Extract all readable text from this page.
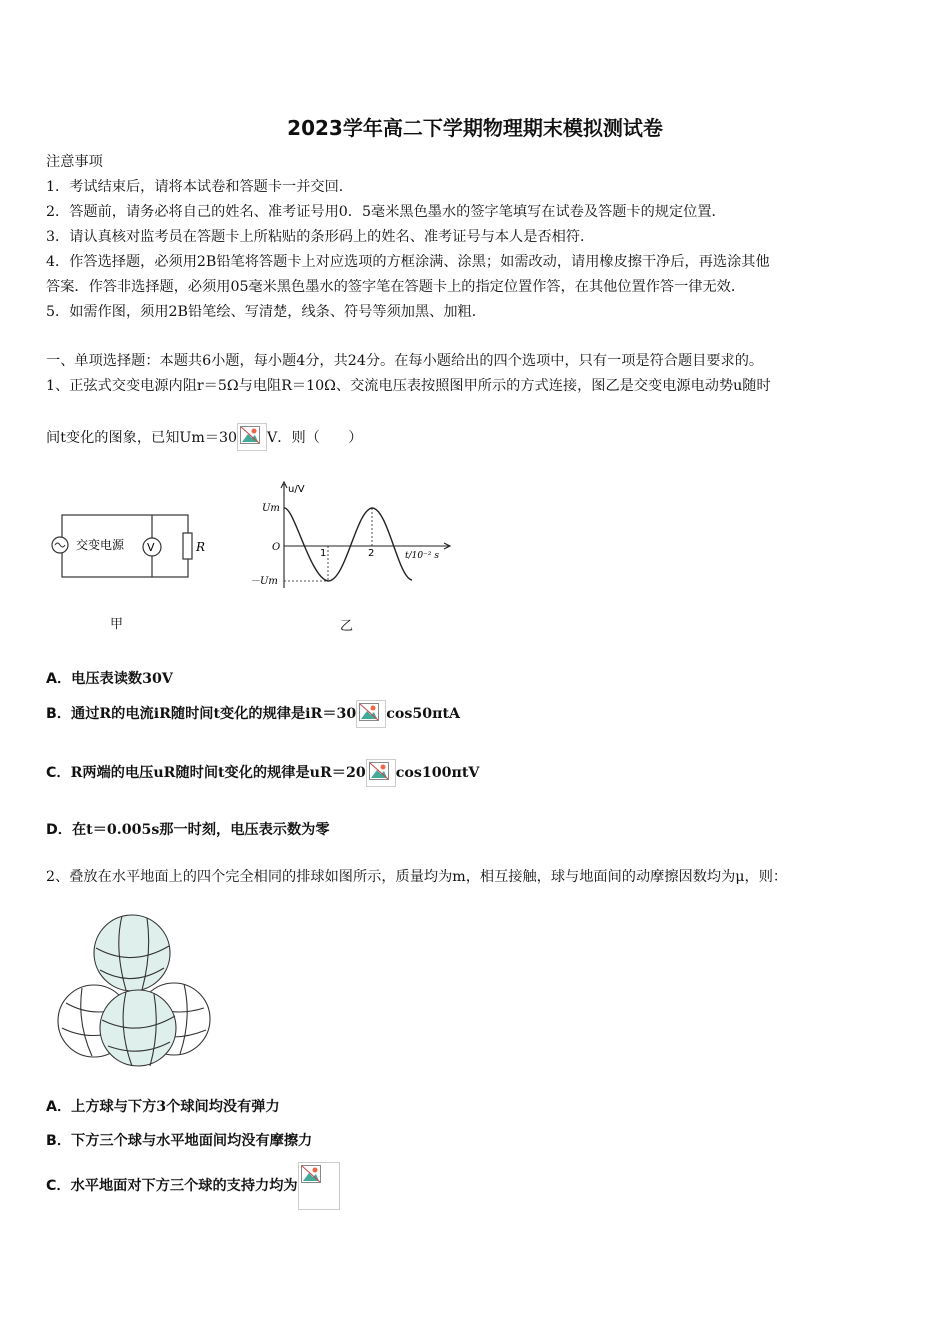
2023学年高二下学期物理期末模拟测试卷
注意事项
1．考试结束后，请将本试卷和答题卡一并交回．
2．答题前，请务必将自己的姓名、准考证号用0．5毫米黑色墨水的签字笔填写在试卷及答题卡的规定位置．
3．请认真核对监考员在答题卡上所粘贴的条形码上的姓名、准考证号与本人是否相符．
4．作答选择题，必须用2B铅笔将答题卡上对应选项的方框涂满、涂黑；如需改动，请用橡皮擦干净后，再选涂其他
答案．作答非选择题，必须用05毫米黑色墨水的签字笔在答题卡上的指定位置作答，在其他位置作答一律无效．
5．如需作图，须用2B铅笔绘、写清楚，线条、符号等须加黑、加粗．
一、单项选择题：本题共6小题，每小题4分，共24分。在每小题给出的四个选项中，只有一项是符合题目要求的。
1、正弦式交变电源内阻r＝5Ω与电阻R＝10Ω、交流电压表按照图甲所示的方式连接，图乙是交变电源电动势u随时
间t变化的图象，已知Um＝30 V．则（　　）
交变电源 V	R
甲
u/V
Um
－Um
O
1	2	t/10⁻² s
乙
A．电压表读数30V
B．通过R的电流iR随时间t变化的规律是iR＝30 cos50πtA
C．R两端的电压uR随时间t变化的规律是uR＝20 cos100πtV
D．在t＝0.005s那一时刻，电压表示数为零
2、叠放在水平地面上的四个完全相同的排球如图所示，质量均为m，相互接触，球与地面间的动摩擦因数均为μ，则：
A．上方球与下方3个球间均没有弹力
B．下方三个球与水平地面间均没有摩擦力
C．水平地面对下方三个球的支持力均为
